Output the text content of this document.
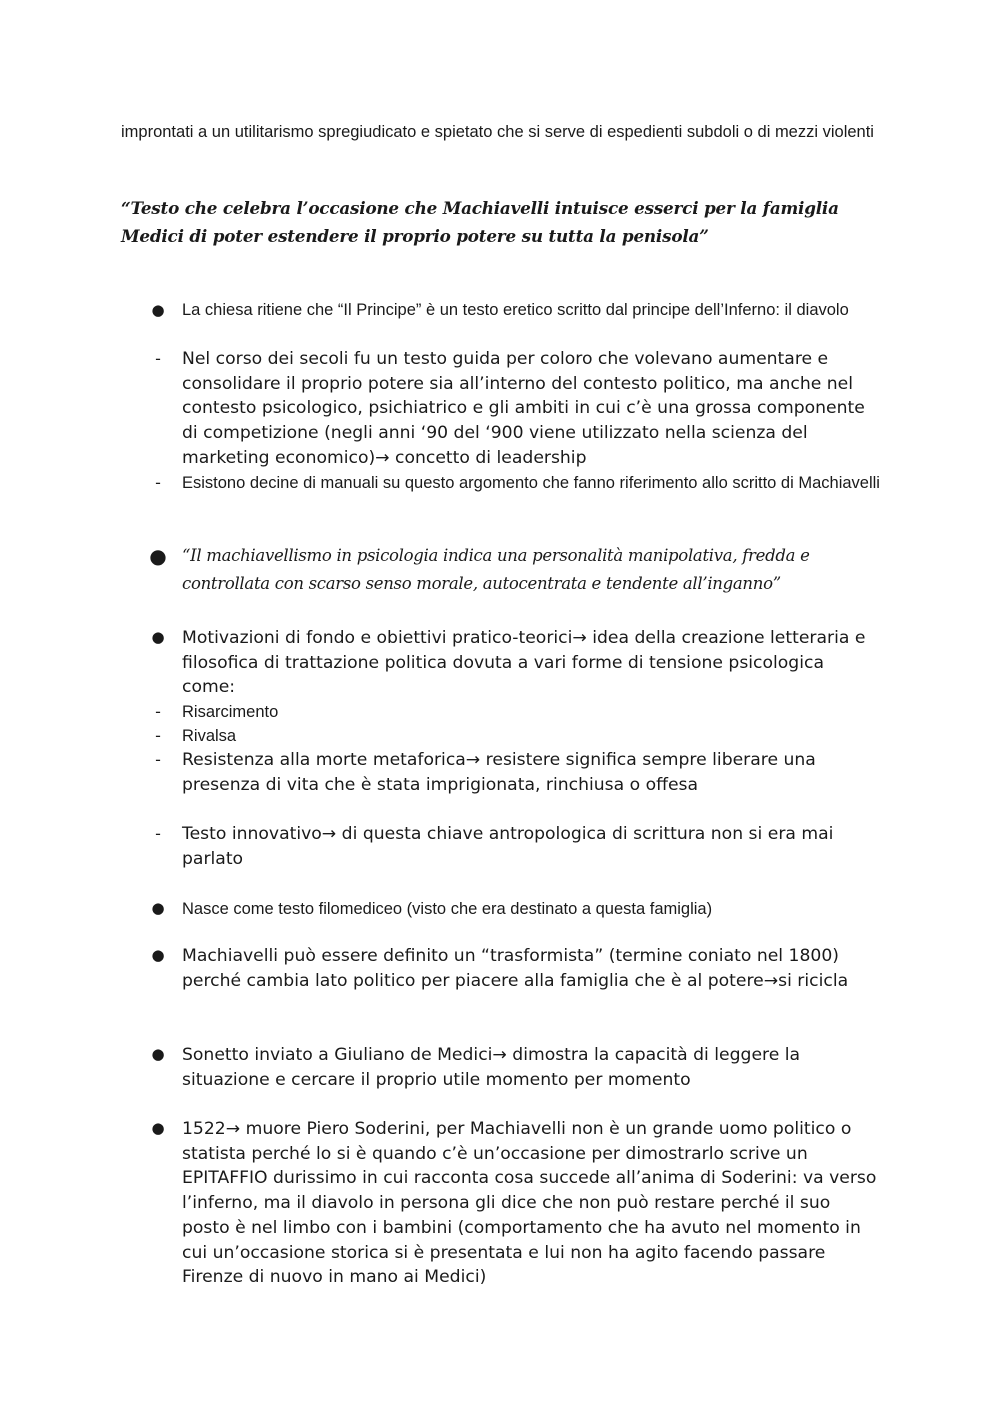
improntati a un utilitarismo spregiudicato e spietato che si serve di espedienti subdoli o di mezzi violenti

“Testo che celebra l’occasione che Machiavelli intuisce esserci per la famiglia Medici di poter estendere il proprio potere su tutta la penisola”

●	La chiesa ritiene che “Il Principe” è un testo eretico scritto dal principe dell’Inferno: il diavolo
-	Nel corso dei secoli fu un testo guida per coloro che volevano aumentare e consolidare il proprio potere sia all’interno del contesto politico, ma anche nel contesto psicologico, psichiatrico e gli ambiti in cui c’è una grossa componente di competizione (negli anni ‘90 del ‘900 viene utilizzato nella scienza del marketing economico)→ concetto di leadership
-	Esistono decine di manuali su questo argomento che fanno riferimento allo scritto di Machiavelli
● “Il machiavellismo in psicologia indica una personalità manipolativa, fredda e controllata con scarso senso morale, autocentrata e tendente all’inganno”
●	Motivazioni di fondo e obiettivi pratico-teorici→ idea della creazione letteraria e filosofica di trattazione politica dovuta a vari forme di tensione psicologica come:
-	Risarcimento
-	Rivalsa
-	Resistenza alla morte metaforica→ resistere significa sempre liberare una presenza di vita che è stata imprigionata, rinchiusa o offesa
-	Testo innovativo→ di questa chiave antropologica di scrittura non si era mai parlato
●	Nasce come testo filomediceo (visto che era destinato a questa famiglia)
●	Machiavelli può essere definito un “trasformista” (termine coniato nel 1800) perché cambia lato politico per piacere alla famiglia che è al potere→si ricicla
●	Sonetto inviato a Giuliano de Medici→ dimostra la capacità di leggere la situazione e cercare il proprio utile momento per momento
●	1522→ muore Piero Soderini, per Machiavelli non è un grande uomo politico o statista perché lo si è quando c’è un’occasione per dimostrarlo scrive un EPITAFFIO durissimo in cui racconta cosa succede all’anima di Soderini: va verso l’inferno, ma il diavolo in persona gli dice che non può restare perché il suo posto è nel limbo con i bambini (comportamento che ha avuto nel momento in cui un’occasione storica si è presentata e lui non ha agito facendo passare Firenze di nuovo in mano ai Medici)
